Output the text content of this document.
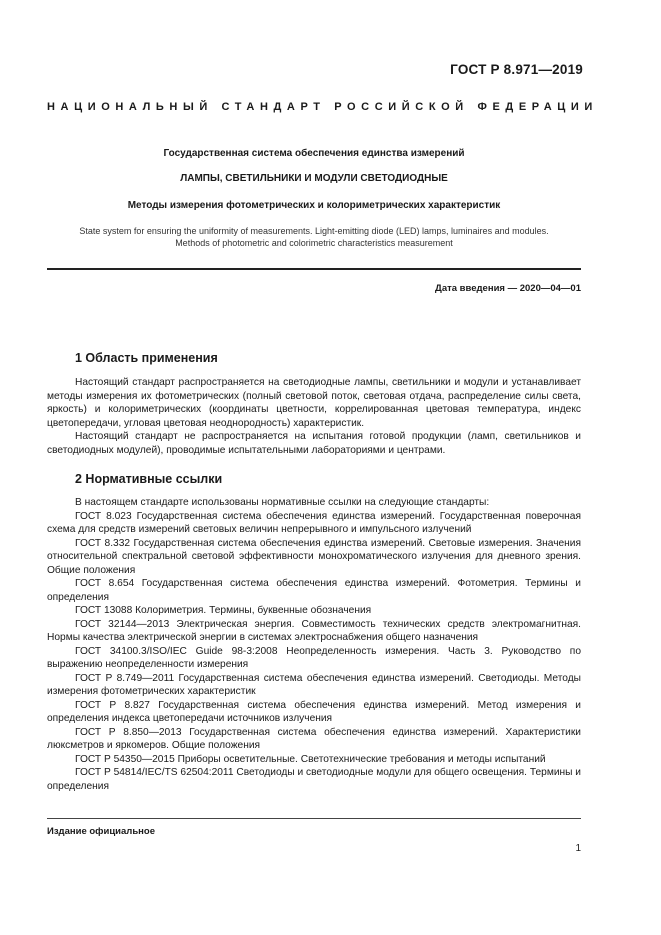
ГОСТ Р 8.971—2019
НАЦИОНАЛЬНЫЙ СТАНДАРТ РОССИЙСКОЙ ФЕДЕРАЦИИ
Государственная система обеспечения единства измерений
ЛАМПЫ, СВЕТИЛЬНИКИ И МОДУЛИ СВЕТОДИОДНЫЕ
Методы измерения фотометрических и колориметрических характеристик
State system for ensuring the uniformity of measurements. Light-emitting diode (LED) lamps, luminaires and modules.
Methods of photometric and colorimetric characteristics measurement
Дата введения — 2020—04—01
1 Область применения

Настоящий стандарт распространяется на светодиодные лампы, светильники и модули и устанавливает методы измерения их фотометрических (полный световой поток, световая отдача, распределение силы света, яркость) и колориметрических (координаты цветности, коррелированная цветовая температура, индекс цветопередачи, угловая цветовая неоднородность) характеристик.

Настоящий стандарт не распространяется на испытания готовой продукции (ламп, светильников и светодиодных модулей), проводимые испытательными лабораториями и центрами.

2 Нормативные ссылки

В настоящем стандарте использованы нормативные ссылки на следующие стандарты:

ГОСТ 8.023 Государственная система обеспечения единства измерений. Государственная поверочная схема для средств измерений световых величин непрерывного и импульсного излучений

ГОСТ 8.332 Государственная система обеспечения единства измерений. Световые измерения. Значения относительной спектральной световой эффективности монохроматического излучения для дневного зрения. Общие положения

ГОСТ 8.654 Государственная система обеспечения единства измерений. Фотометрия. Термины и определения

ГОСТ 13088 Колориметрия. Термины, буквенные обозначения

ГОСТ 32144—2013 Электрическая энергия. Совместимость технических средств электромагнитная. Нормы качества электрической энергии в системах электроснабжения общего назначения

ГОСТ 34100.3/ISO/IEC Guide 98-3:2008 Неопределенность измерения. Часть 3. Руководство по выражению неопределенности измерения

ГОСТ Р 8.749—2011 Государственная система обеспечения единства измерений. Светодиоды. Методы измерения фотометрических характеристик

ГОСТ Р 8.827 Государственная система обеспечения единства измерений. Метод измерения и определения индекса цветопередачи источников излучения

ГОСТ Р 8.850—2013 Государственная система обеспечения единства измерений. Характеристики люксметров и яркомеров. Общие положения

ГОСТ Р 54350—2015 Приборы осветительные. Светотехнические требования и методы испытаний

ГОСТ Р 54814/IEC/TS 62504:2011 Светодиоды и светодиодные модули для общего освещения. Термины и определения

Издание официальное
1
